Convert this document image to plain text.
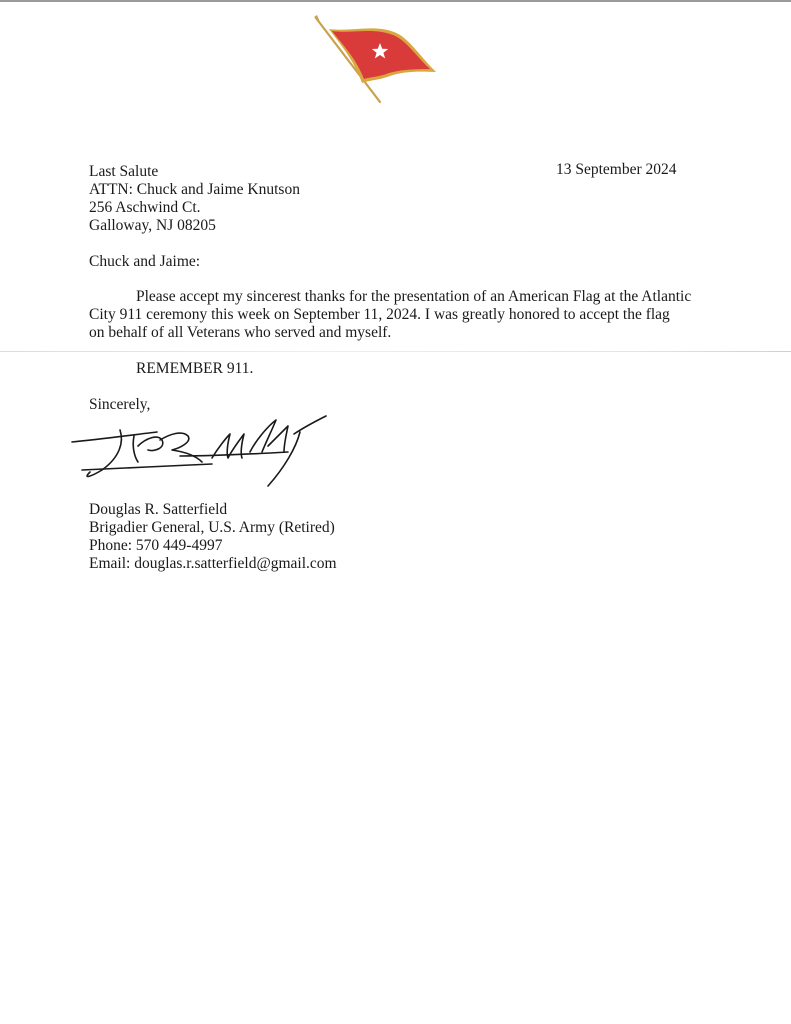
13 September 2024
Last Salute
ATTN: Chuck and Jaime Knutson
256 Aschwind Ct.
Galloway, NJ 08205
Chuck and Jaime:
Please accept my sincerest thanks for the presentation of an American Flag at the Atlantic
City 911 ceremony this week on September 11, 2024. I was greatly honored to accept the flag
on behalf of all Veterans who served and myself.
REMEMBER 911.
Sincerely,
Douglas R. Satterfield
Brigadier General, U.S. Army (Retired)
Phone: 570 449-4997
Email: douglas.r.satterfield@gmail.com
